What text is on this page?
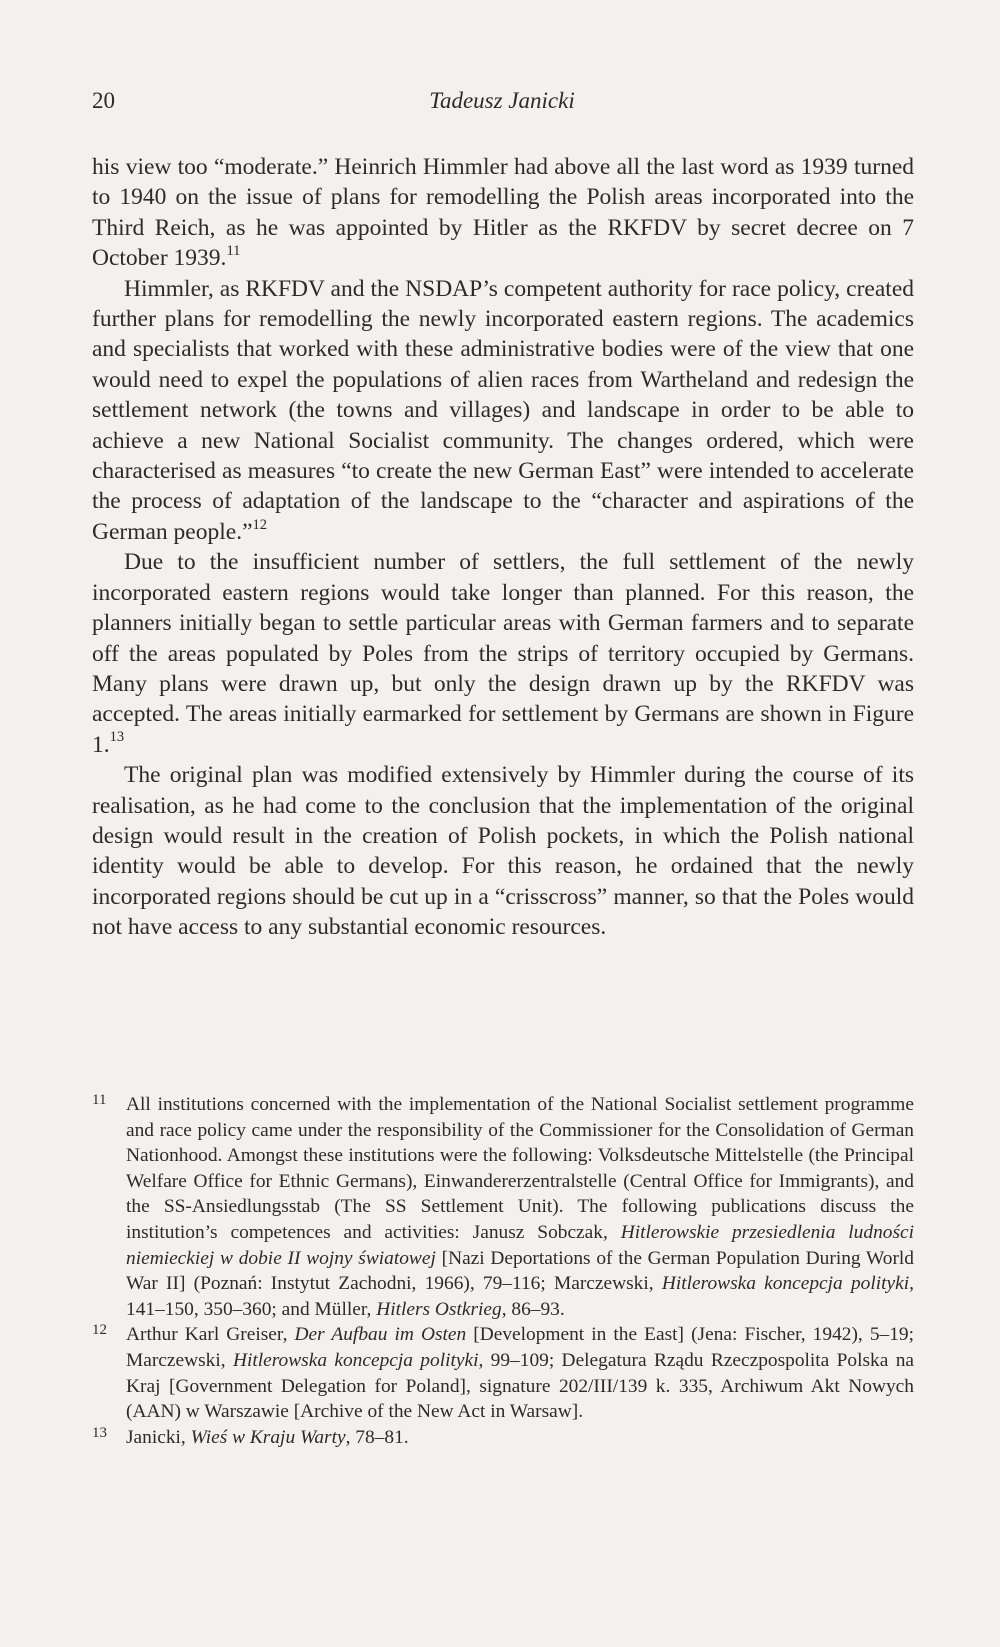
20	Tadeusz Janicki

his view too “moderate.” Heinrich Himmler had above all the last word as 1939 turned to 1940 on the issue of plans for remodelling the Polish areas incorporated into the Third Reich, as he was appointed by Hitler as the RKFDV by secret decree on 7 October 1939.11

Himmler, as RKFDV and the NSDAP’s competent authority for race policy, created further plans for remodelling the newly incorporated eastern regions. The academics and specialists that worked with these administrative bodies were of the view that one would need to expel the populations of alien races from Wartheland and redesign the settlement network (the towns and villages) and landscape in order to be able to achieve a new National Socialist community. The changes ordered, which were characterised as measures “to create the new German East” were intended to accelerate the process of adaptation of the landscape to the “character and aspirations of the German people.”$^{12}$

Due to the insufficient number of settlers, the full settlement of the newly incorporated eastern regions would take longer than planned. For this reason, the planners initially began to settle particular areas with German farmers and to separate off the areas populated by Poles from the strips of territory occupied by Germans. Many plans were drawn up, but only the design drawn up by the RKFDV was accepted. The areas initially earmarked for settlement by Germans are shown in Figure 1.13

The original plan was modified extensively by Himmler during the course of its realisation, as he had come to the conclusion that the implementation of the original design would result in the creation of Polish pockets, in which the Polish national identity would be able to develop. For this reason, he ordained that the newly incorporated regions should be cut up in a “crisscross” manner, so that the Poles would not have access to any substantial economic resources.

11 All institutions concerned with the implementation of the National Socialist settlement programme and race policy came under the responsibility of the Commissioner for the Consolidation of German Nationhood. Amongst these institutions were the following: Volksdeutsche Mittelstelle (the Principal Welfare Office for Ethnic Germans), Einwandererzentralstelle (Central Office for Immigrants), and the SS-Ansiedlungsstab (The SS Settlement Unit). The following publications discuss the institution’s competences and activities: Janusz Sobczak, Hitlerowskie przesiedlenia ludności niemieckiej w dobie II wojny światowej [Nazi Deportations of the German Population During World War II] (Poznań: Instytut Zachodni, 1966), 79–116; Marczewski, Hitlerowska koncepcja polityki, 141–150, 350–360; and Müller, Hitlers Ostkrieg, 86–93.

12 Arthur Karl Greiser, Der Aufbau im Osten [Development in the East] (Jena: Fischer, 1942), 5–19; Marczewski, Hitlerowska koncepcja polityki, 99–109; Delegatura Rządu Rzeczpospolita Polska na Kraj [Government Delegation for Poland], signature 202/III/139 k. 335, Archiwum Akt Nowych (AAN) w Warszawie [Archive of the New Act in Warsaw].

13 Janicki, Wieś w Kraju Warty, 78–81.
